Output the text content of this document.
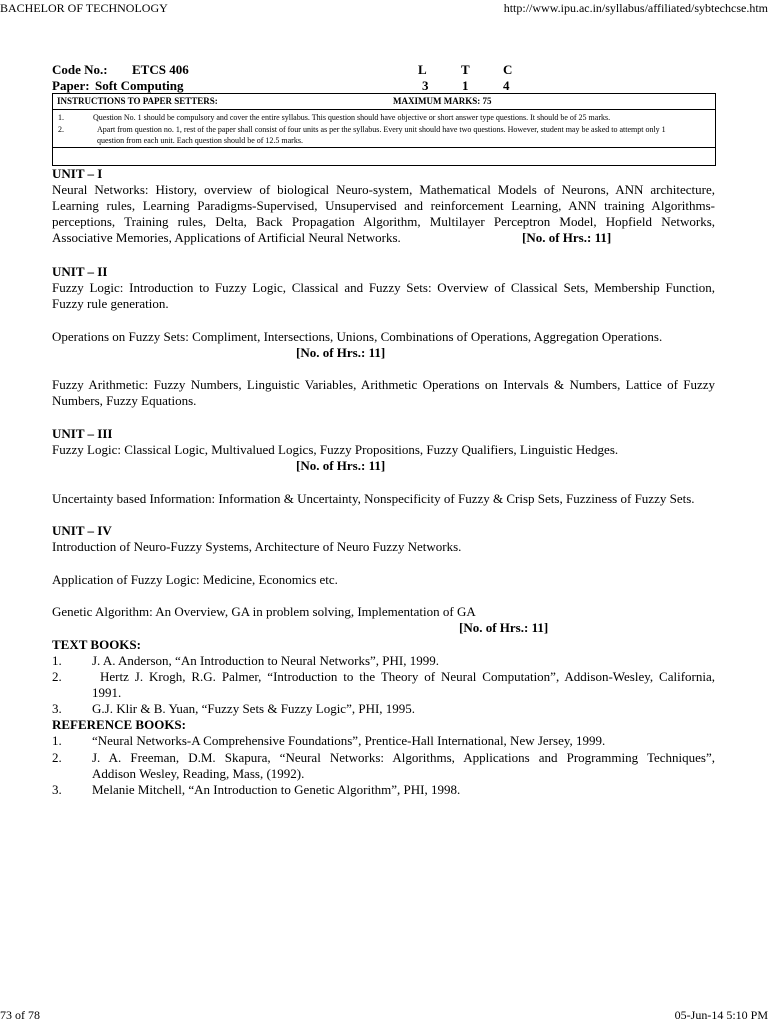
BACHELOR OF TECHNOLOGY	http://www.ipu.ac.in/syllabus/affiliated/sybtechcse.htm
Code No.: ETCS 406
Paper: Soft Computing
L	T	C
3	1	4
INSTRUCTIONS TO PAPER SETTERS:	MAXIMUM MARKS: 75
1.	Question No. 1 should be compulsory and cover the entire syllabus. This question should have objective or short answer type questions. It should be of 25 marks.
2.	Apart from question no. 1, rest of the paper shall consist of four units as per the syllabus. Every unit should have two questions. However, student may be asked to attempt only 1
question from each unit. Each question should be of 12.5 marks.
UNIT – I
Neural Networks: History, overview of biological Neuro-system, Mathematical Models of Neurons, ANN architecture,
Learning rules, Learning Paradigms-Supervised, Unsupervised and reinforcement Learning, ANN training Algorithms-
perceptions, Training rules, Delta, Back Propagation Algorithm, Multilayer Perceptron Model, Hopfield Networks,
Associative Memories, Applications of Artificial Neural Networks.	[No. of Hrs.: 11]
UNIT – II
Fuzzy Logic: Introduction to Fuzzy Logic, Classical and Fuzzy Sets: Overview of Classical Sets, Membership Function,
Fuzzy rule generation.
Operations on Fuzzy Sets: Compliment, Intersections, Unions, Combinations of Operations, Aggregation Operations.
[No. of Hrs.: 11]
Fuzzy Arithmetic: Fuzzy Numbers, Linguistic Variables, Arithmetic Operations on Intervals & Numbers, Lattice of Fuzzy
Numbers, Fuzzy Equations.
UNIT – III
Fuzzy Logic: Classical Logic, Multivalued Logics, Fuzzy Propositions, Fuzzy Qualifiers, Linguistic Hedges.
[No. of Hrs.: 11]
Uncertainty based Information: Information & Uncertainty, Nonspecificity of Fuzzy & Crisp Sets, Fuzziness of Fuzzy Sets.
UNIT – IV
Introduction of Neuro-Fuzzy Systems, Architecture of Neuro Fuzzy Networks.
Application of Fuzzy Logic: Medicine, Economics etc.
Genetic Algorithm: An Overview, GA in problem solving, Implementation of GA
[No. of Hrs.: 11]
TEXT BOOKS:
1. J. A. Anderson, “An Introduction to Neural Networks”, PHI, 1999.
2.	Hertz J. Krogh, R.G. Palmer, “Introduction to the Theory of Neural Computation”, Addison-Wesley, California,
1991.
3. G.J. Klir & B. Yuan, “Fuzzy Sets & Fuzzy Logic”, PHI, 1995.
REFERENCE BOOKS:
1. “Neural Networks-A Comprehensive Foundations”, Prentice-Hall International, New Jersey, 1999.
2. J. A. Freeman, D.M. Skapura, “Neural Networks: Algorithms, Applications and Programming Techniques”,
Addison Wesley, Reading, Mass, (1992).
3. Melanie Mitchell, “An Introduction to Genetic Algorithm”, PHI, 1998.
73 of 78	05-Jun-14 5:10 PM
